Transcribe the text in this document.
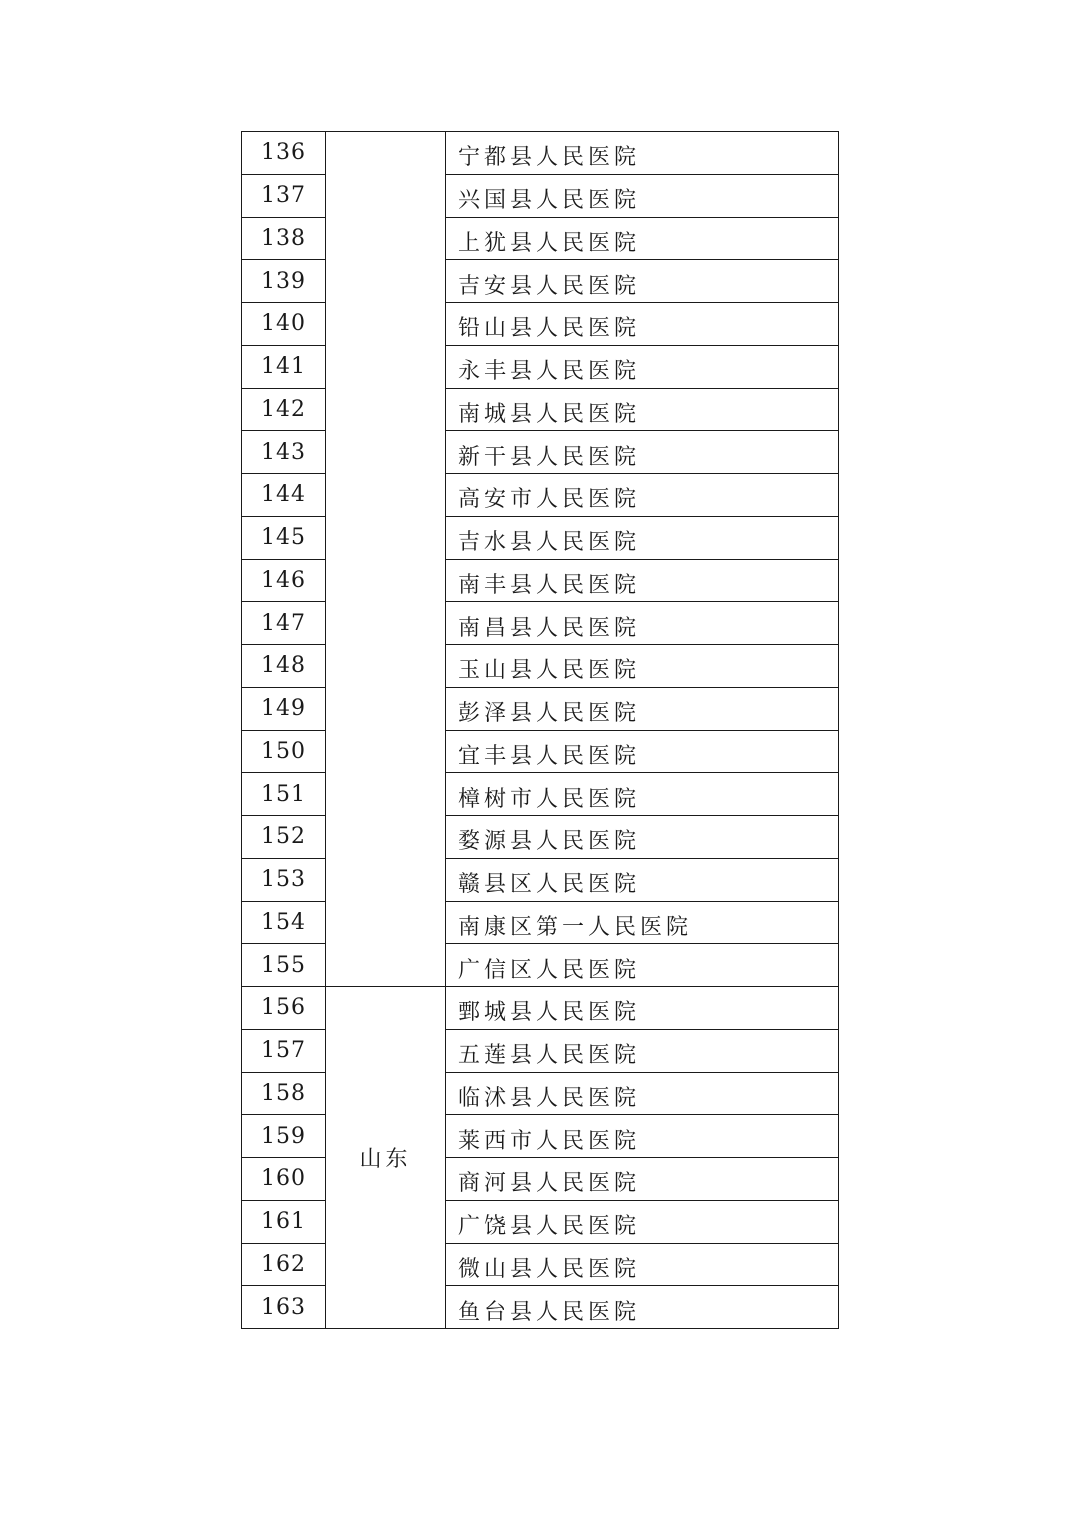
136		宁都县人民医院
137		兴国县人民医院
138		上犹县人民医院
139		吉安县人民医院
140		铅山县人民医院
141		永丰县人民医院
142		南城县人民医院
143		新干县人民医院
144		高安市人民医院
145		吉水县人民医院
146		南丰县人民医院
147		南昌县人民医院
148		玉山县人民医院
149		彭泽县人民医院
150		宜丰县人民医院
151		樟树市人民医院
152		婺源县人民医院
153		赣县区人民医院
154		南康区第一人民医院
155		广信区人民医院
156	山东	鄄城县人民医院
157		五莲县人民医院
158		临沭县人民医院
159		莱西市人民医院
160		商河县人民医院
161		广饶县人民医院
162		微山县人民医院
163		鱼台县人民医院
